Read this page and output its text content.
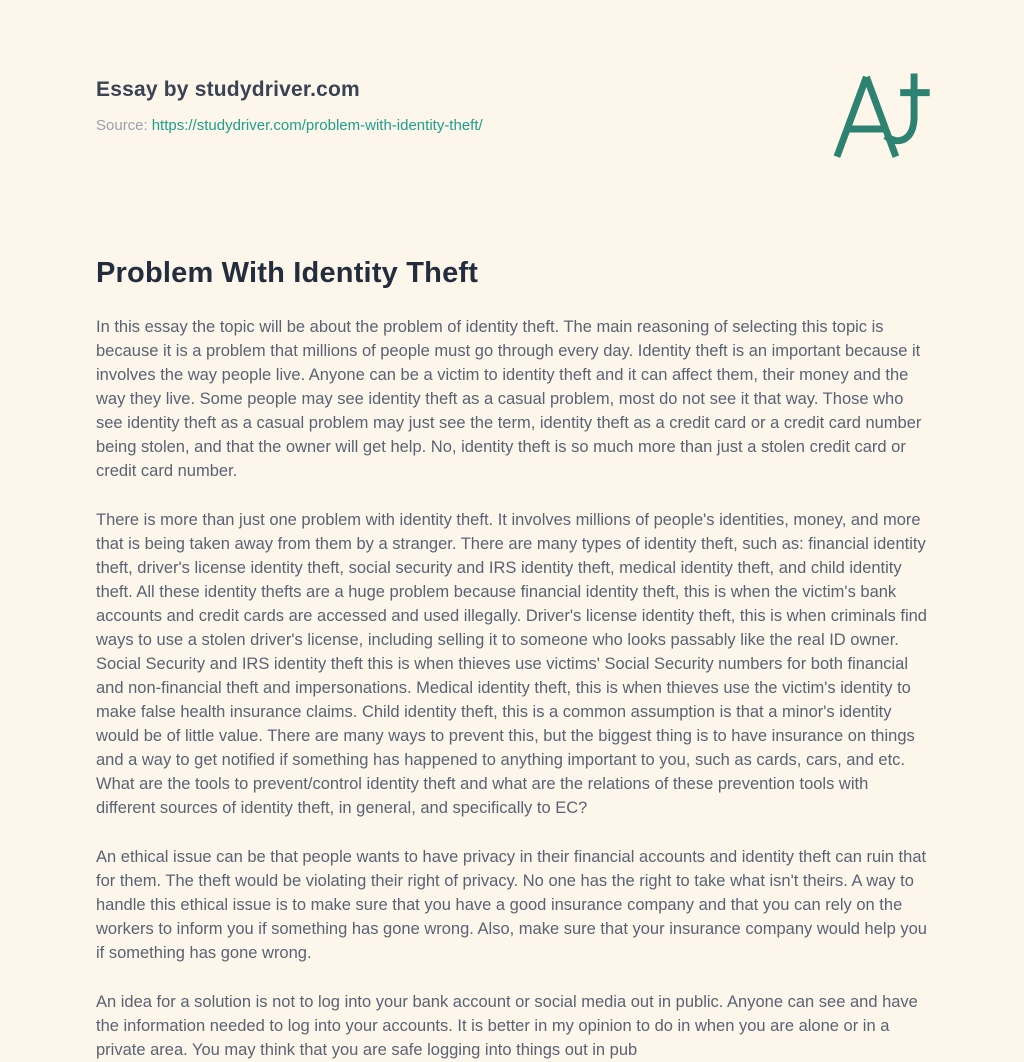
Essay by studydriver.com
Source: https://studydriver.com/problem-with-identity-theft/
Problem With Identity Theft

In this essay the topic will be about the problem of identity theft. The main reasoning of selecting this topic is because it is a problem that millions of people must go through every day. Identity theft is an important because it involves the way people live. Anyone can be a victim to identity theft and it can affect them, their money and the way they live. Some people may see identity theft as a casual problem, most do not see it that way. Those who see identity theft as a casual problem may just see the term, identity theft as a credit card or a credit card number being stolen, and that the owner will get help. No, identity theft is so much more than just a stolen credit card or credit card number.

There is more than just one problem with identity theft. It involves millions of people's identities, money, and more that is being taken away from them by a stranger. There are many types of identity theft, such as: financial identity theft, driver's license identity theft, social security and IRS identity theft, medical identity theft, and child identity theft. All these identity thefts are a huge problem because financial identity theft, this is when the victim's bank accounts and credit cards are accessed and used illegally. Driver's license identity theft, this is when criminals find ways to use a stolen driver's license, including selling it to someone who looks passably like the real ID owner. Social Security and IRS identity theft this is when thieves use victims' Social Security numbers for both financial and non-financial theft and impersonations. Medical identity theft, this is when thieves use the victim's identity to make false health insurance claims. Child identity theft, this is a common assumption is that a minor's identity would be of little value. There are many ways to prevent this, but the biggest thing is to have insurance on things and a way to get notified if something has happened to anything important to you, such as cards, cars, and etc. What are the tools to prevent/control identity theft and what are the relations of these prevention tools with different sources of identity theft, in general, and specifically to EC?

An ethical issue can be that people wants to have privacy in their financial accounts and identity theft can ruin that for them. The theft would be violating their right of privacy. No one has the right to take what isn't theirs. A way to handle this ethical issue is to make sure that you have a good insurance company and that you can rely on the workers to inform you if something has gone wrong. Also, make sure that your insurance company would help you if something has gone wrong.

An idea for a solution is not to log into your bank account or social media out in public. Anyone can see and have the information needed to log into your accounts. It is better in my opinion to do in when you are alone or in a private area. You may think that you are safe logging into things out in pub
